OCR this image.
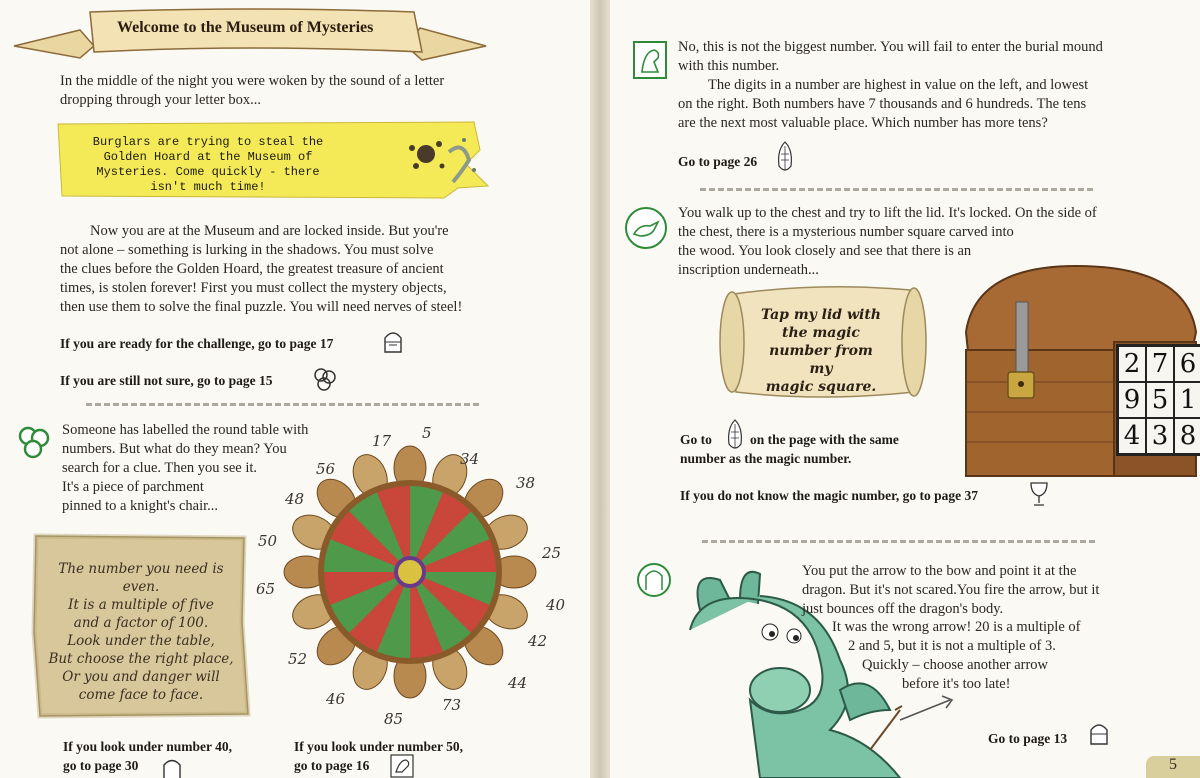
Welcome to the Museum of Mysteries
In the middle of the night you were woken by the sound of a letter
dropping through your letter box...
Burglars are trying to steal the
Golden Hoard at the Museum of
Mysteries. Come quickly - there
isn't much time!
Now you are at the Museum and are locked inside. But you're
not alone – something is lurking in the shadows. You must solve
the clues before the Golden Hoard, the greatest treasure of ancient
times, is stolen forever! First you must collect the mystery objects,
then use them to solve the final puzzle. You will need nerves of steel!
If you are ready for the challenge, go to page 17
If you are still not sure, go to page 15
Someone has labelled the round table with
numbers. But what do they mean? You
search for a clue. Then you see it.
It's a piece of parchment
pinned to a knight's chair...
The number you need is even.
It is a multiple of five
and a factor of 100.
Look under the table,
But choose the right place,
Or you and danger will
come face to face.
17 5
34
38
25
40
42
44
73
85
46
52
65
50
48
56
If you look under number 40,
go to page 30
If you look under number 50,
go to page 16
No, this is not the biggest number. You will fail to enter the burial mound
with this number.
The digits in a number are highest in value on the left, and lowest
on the right. Both numbers have 7 thousands and 6 hundreds. The tens
are the next most valuable place. Which number has more tens?
Go to page 26
You walk up to the chest and try to lift the lid. It's locked. On the side of
the chest, there is a mysterious number square carved into
the wood. You look closely and see that there is an
inscription underneath...
Tap my lid with
the magic
number from my
magic square.
2 7 6
9 5 1
4 3 8
Go to	on the page with the same
number as the magic number.
If you do not know the magic number, go to page 37
You put the arrow to the bow and point it at the
dragon. But it's not scared.You fire the arrow, but it
just bounces off the dragon's body.
It was the wrong arrow! 20 is a multiple of
2 and 5, but it is not a multiple of 3.
Quickly – choose another arrow
before it's too late!
Go to page 13
5
